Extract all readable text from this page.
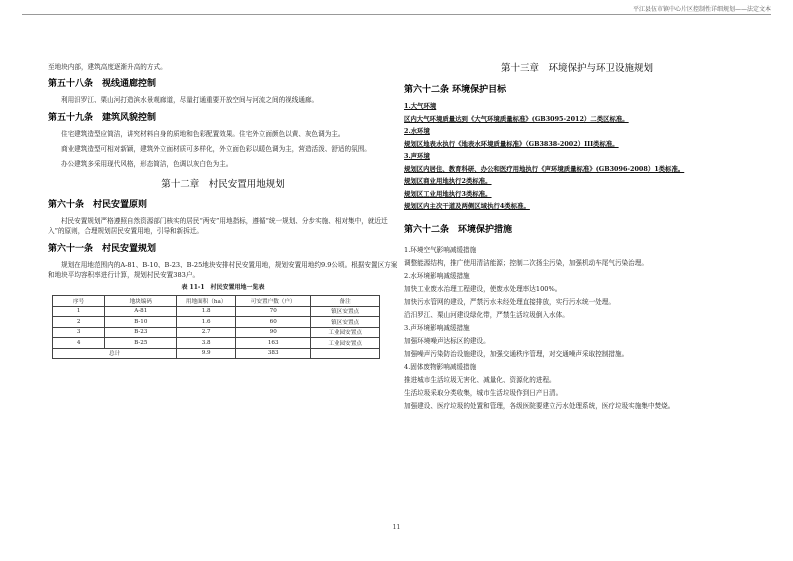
平江县伍市镇中心片区控制性详细规划——法定文本

至地块内部，建筑高度逐渐升高的方式。

第五十八条　视线通廊控制

利用汨罗江、栗山河打造滨水景观廊道，尽量打通重要开放空间与河流之间的视线通廊。

第五十九条　建筑风貌控制

住宅建筑造型应简洁，讲究材料自身的质地和色彩配置效果。住宅外立面颜色以黄、灰色调为主。

商业建筑造型可相对新颖，建筑外立面材质可多样化，外立面色彩以暖色调为主，营造活泼、舒适的氛围。

办公建筑多采用现代风格，形态简洁，色调以灰白色为主。

第十二章　村民安置用地规划

第六十条　村民安置原则

村民安置规划严格遵照自然资源部门核实的居民“两安”用地指标，遵循“统一规划、分步实施、相对集中，就近迁入”的原则，合理规划居民安置用地，引导和新拆迁。

第六十一条　村民安置规划

规划在用地范围内的A-81、B-10、B-23、B-25地块安排村民安置用地，规划安置用地约9.9公顷。根据安置区方案和地块平均容积率进行计算，规划村民安置383户。

表 11-1　村民安置用地一览表

序号	地块编码	用地面积（ha）	可安置户数（户）	备注
1	A-81	1.8	70	镇区安置点
2	B-10	1.6	60	镇区安置点
3	B-23	2.7	90	工业园安置点
4	B-25	3.8	163	工业园安置点
总计		9.9	383	

第十三章　环境保护与环卫设施规划

第六十二条 环境保护目标

1.大气环境

区内大气环境质量达到《大气环境质量标准》(GB3095-2012）二类区标准。

2.水环境

规划区地表水执行《地表水环境质量标准》（GB3838-2002）III类标准。

3.声环境

规划区内居住、教育科研、办公和医疗用地执行《声环境质量标准》(GB3096-2008）1类标准。

规划区商业用地执行2类标准。

规划区工业用地执行3类标准。

规划区内主次干道及两侧区域执行4类标准。

第六十二条　环境保护措施

1.环境空气影响减缓措施

调整能源结构，推广使用清洁能源；控制二次扬尘污染，加强机动车尾气污染治理。

2.水环境影响减缓措施

加快工业废水治理工程建设，使废水处理率达100%。

加快污水管网的建设，严禁污水未经处理直接排放，实行污水统一处理。

沿汨罗江、栗山河建设绿化带，严禁生活垃圾倒入水体。

3.声环境影响减缓措施

加强环境噪声达标区的建设。

加强噪声污染防治设施建设，加强交通秩序管理，对交通噪声采取控制措施。

4.固体废物影响减缓措施

推进城市生活垃圾无害化、减量化、资源化的进程。

生活垃圾采取分类收集，城市生活垃圾作到日产日清。

加强建设、医疗垃圾的处置和管理，各级医院要建立污水处理系统，医疗垃圾实施集中焚烧。

11
